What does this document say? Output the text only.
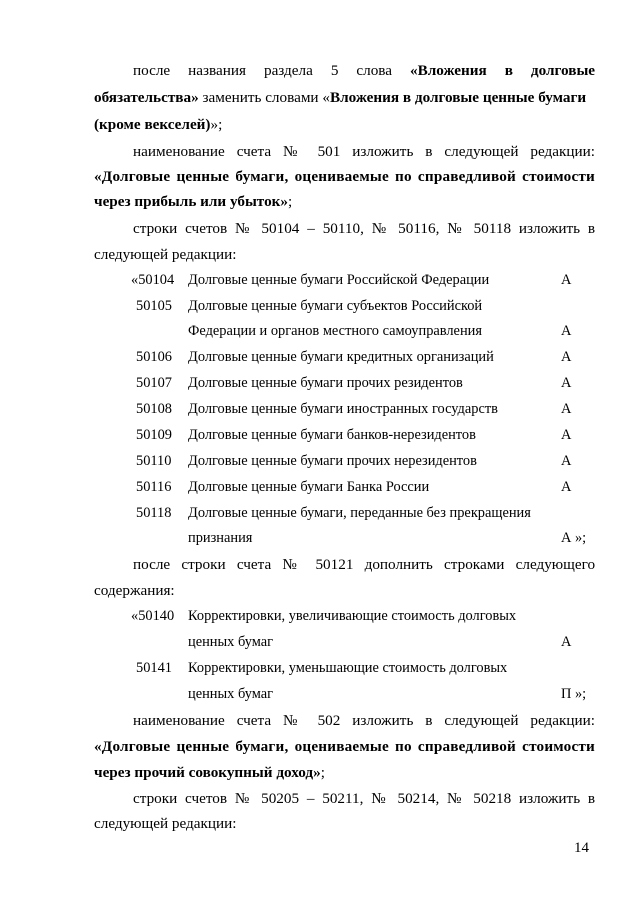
после названия раздела 5 слова «Вложения в долговые
обязательства» заменить словами «Вложения в долговые ценные бумаги
(кроме векселей)»;
наименование счета № 501 изложить в следующей редакции:
«Долговые ценные бумаги, оцениваемые по справедливой стоимости
через прибыль или убыток»;
строки счетов № 50104 – 50110, № 50116, № 50118 изложить в
следующей редакции:
«50104 Долговые ценные бумаги Российской Федерации	А
50105 Долговые ценные бумаги субъектов Российской
Федерации и органов местного самоуправления	А
50106 Долговые ценные бумаги кредитных организаций	А
50107 Долговые ценные бумаги прочих резидентов	А
50108 Долговые ценные бумаги иностранных государств	А
50109 Долговые ценные бумаги банков-нерезидентов	А
50110 Долговые ценные бумаги прочих нерезидентов	А
50116 Долговые ценные бумаги Банка России	А
50118 Долговые ценные бумаги, переданные без прекращения
признания	А »;
после строки счета № 50121 дополнить строками следующего
содержания:
«50140 Корректировки, увеличивающие стоимость долговых
ценных бумаг	А
50141 Корректировки, уменьшающие стоимость долговых
ценных бумаг	П »;
наименование счета № 502 изложить в следующей редакции:
«Долговые ценные бумаги, оцениваемые по справедливой стоимости
через прочий совокупный доход»;
строки счетов № 50205 – 50211, № 50214, № 50218 изложить в
следующей редакции:
14
